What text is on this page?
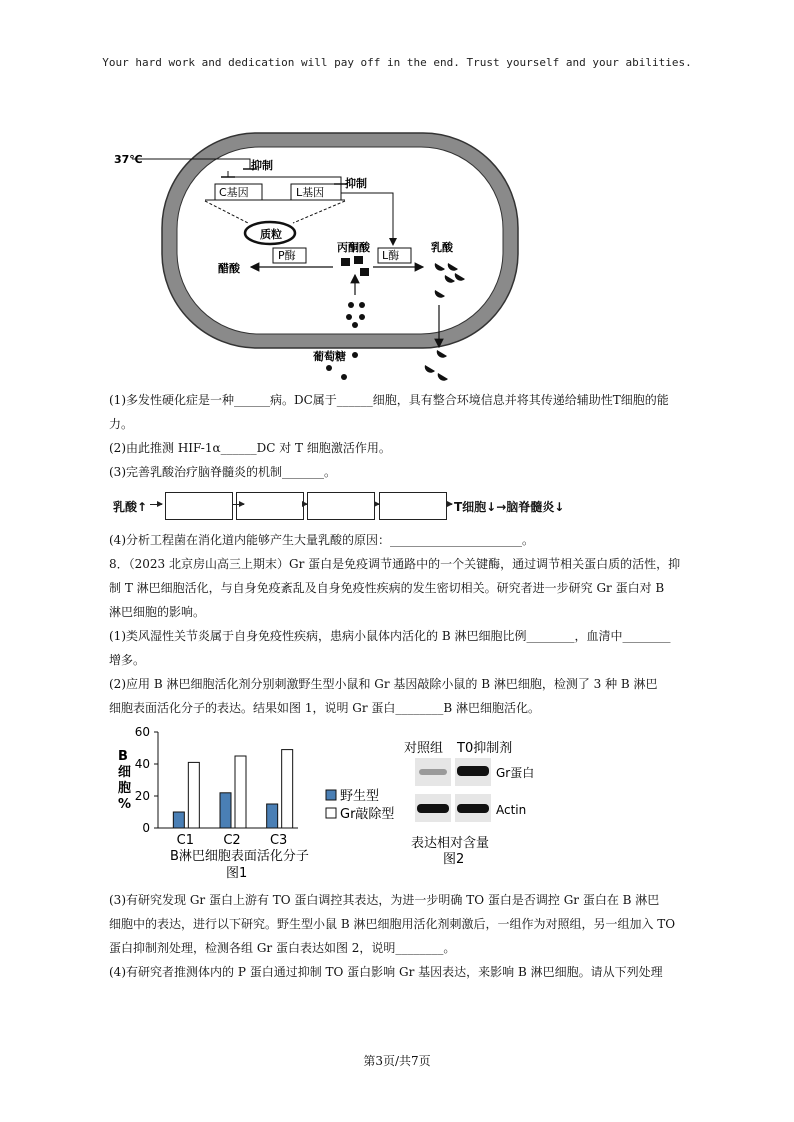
Your hard work and dedication will pay off in the end. Trust yourself and your abilities.
37℃	抑制
C基因	L基因
抑制
质粒
P酶
丙酮酸
L酶
醋酸
乳酸
葡萄糖
(1)多发性硬化症是一种______病。DC属于______细胞，具有整合环境信息并将其传递给辅助性T细胞的能
力。
(2)由此推测 HIF-1α______DC 对 T 细胞激活作用。
(3)完善乳酸治疗脑脊髓炎的机制_______。
乳酸↑	T细胞↓→脑脊髓炎↓
(4)分析工程菌在消化道内能够产生大量乳酸的原因：______________________。
8．（2023 北京房山高三上期末）Gr 蛋白是免疫调节通路中的一个关键酶，通过调节相关蛋白质的活性，抑
制 T 淋巴细胞活化，与自身免疫紊乱及自身免疫性疾病的发生密切相关。研究者进一步研究 Gr 蛋白对 B
淋巴细胞的影响。
(1)类风湿性关节炎属于自身免疫性疾病，患病小鼠体内活化的 B 淋巴细胞比例________，血清中________
增多。
(2)应用 B 淋巴细胞活化剂分别刺激野生型小鼠和 Gr 基因敲除小鼠的 B 淋巴细胞，检测了 3 种 B 淋巴
细胞表面活化分子的表达。结果如图 1，说明 Gr 蛋白________B 淋巴细胞活化。
0
20
40
60
C1 C2 C3
野生型
Gr敲除型
B 细胞%
B淋巴细胞表面活化分子
图1
对照组 T0抑制剂
Gr蛋白
Actin
表达相对含量
图2
(3)有研究发现 Gr 蛋白上游有 TO 蛋白调控其表达，为进一步明确 TO 蛋白是否调控 Gr 蛋白在 B 淋巴
细胞中的表达，进行以下研究。野生型小鼠 B 淋巴细胞用活化剂刺激后，一组作为对照组，另一组加入 TO
蛋白抑制剂处理，检测各组 Gr 蛋白表达如图 2，说明________。
(4)有研究者推测体内的 P 蛋白通过抑制 TO 蛋白影响 Gr 基因表达，来影响 B 淋巴细胞。请从下列处理
第3页/共7页
